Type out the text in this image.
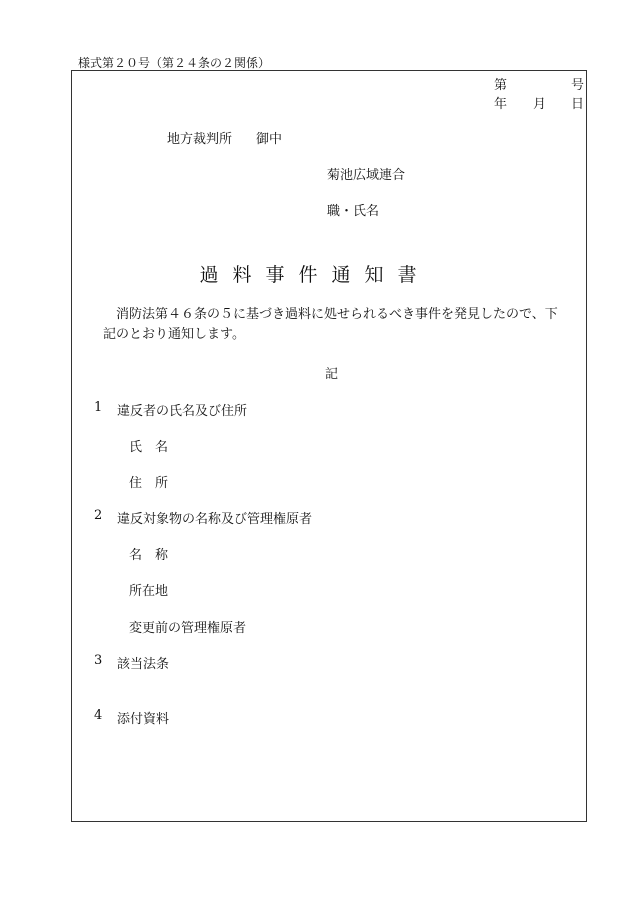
様式第２０号（第２４条の２関係）
第	号
年 月 日
地方裁判所 御中
菊池広域連合
職・氏名
過料事件通知書
消防法第４６条の５に基づき過料に処せられるべき事件を発見したので、下記のとおり通知します。
記
1 違反者の氏名及び住所
氏　名
住　所
2 違反対象物の名称及び管理権原者
名　称
所在地
変更前の管理権原者
3 該当法条
4 添付資料
